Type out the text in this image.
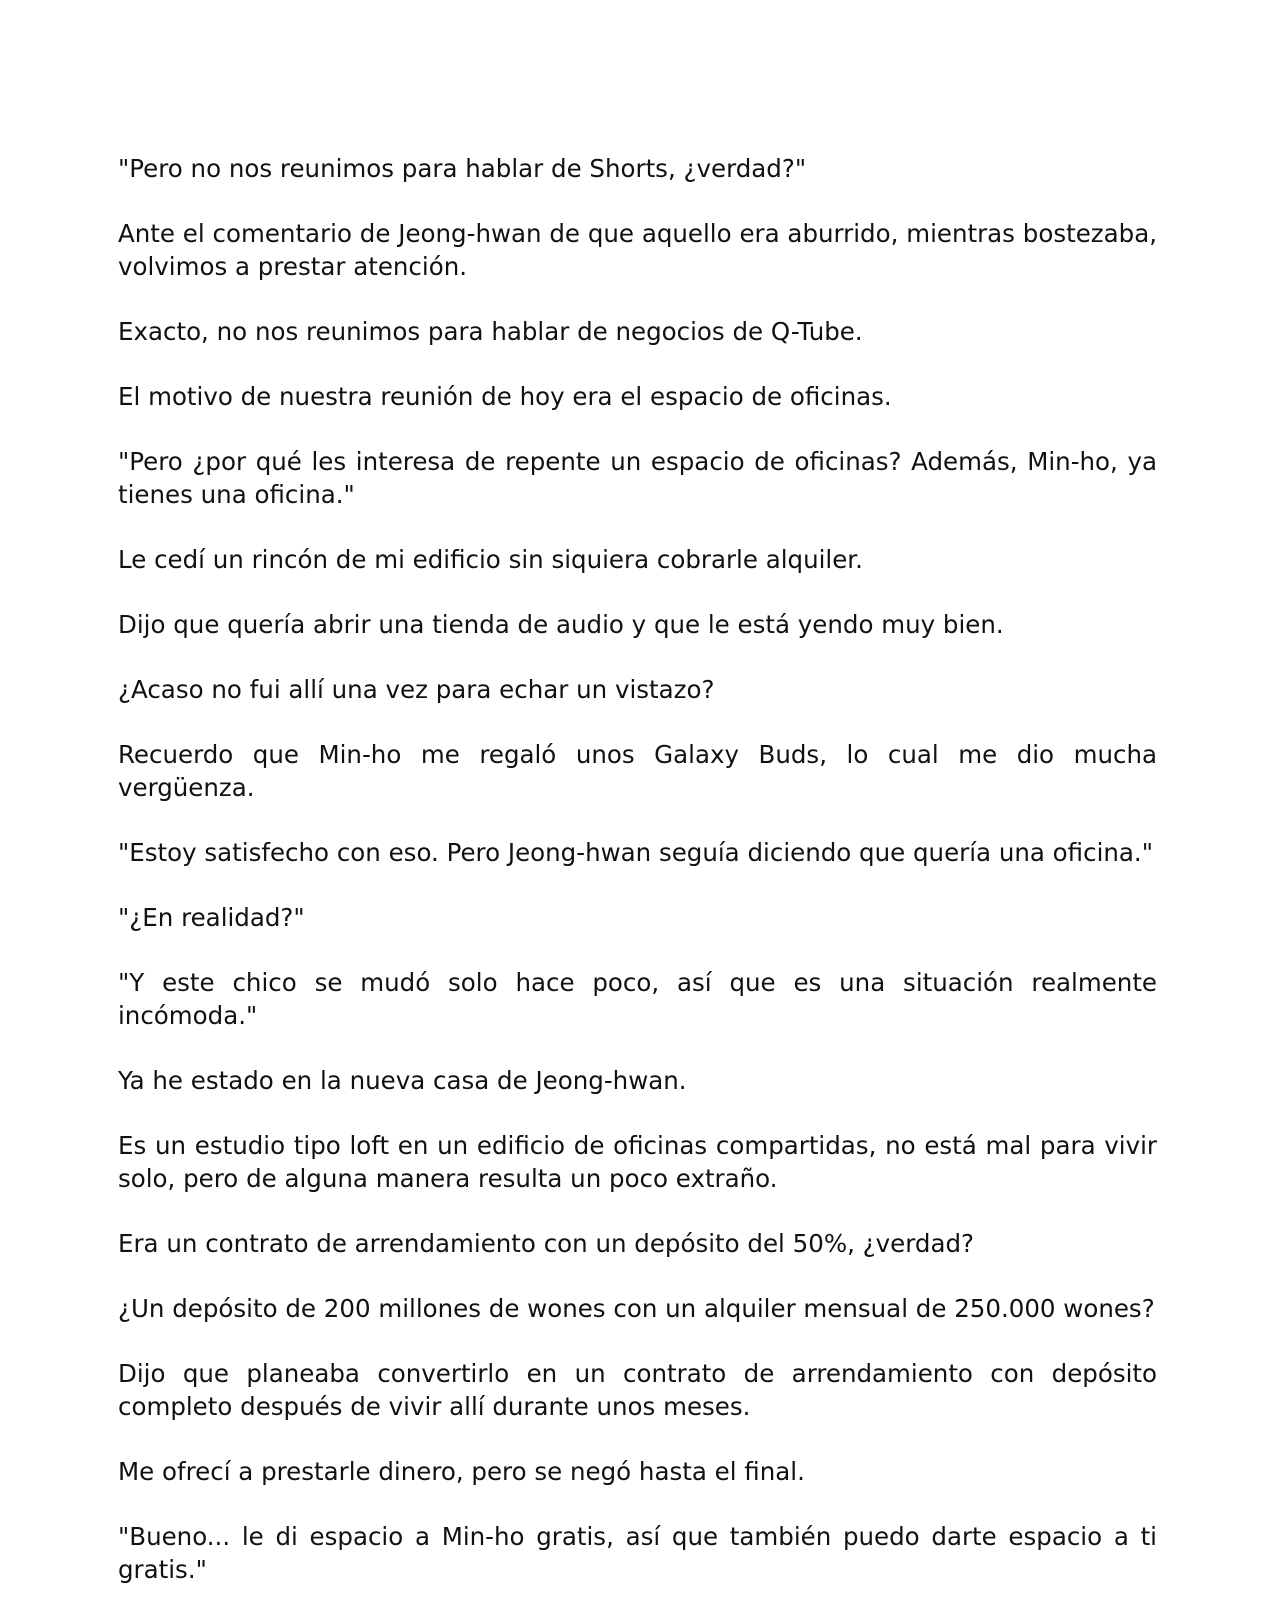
"Pero no nos reunimos para hablar de Shorts, ¿verdad?"

Ante el comentario de Jeong-hwan de que aquello era aburrido, mientras bostezaba, volvimos a prestar atención.

Exacto, no nos reunimos para hablar de negocios de Q-Tube.

El motivo de nuestra reunión de hoy era el espacio de oficinas.

"Pero ¿por qué les interesa de repente un espacio de oficinas? Además, Min-ho, ya tienes una oficina."

Le cedí un rincón de mi edificio sin siquiera cobrarle alquiler.

Dijo que quería abrir una tienda de audio y que le está yendo muy bien.

¿Acaso no fui allí una vez para echar un vistazo?

Recuerdo que Min-ho me regaló unos Galaxy Buds, lo cual me dio mucha vergüenza.

"Estoy satisfecho con eso. Pero Jeong-hwan seguía diciendo que quería una oficina."

"¿En realidad?"

"Y este chico se mudó solo hace poco, así que es una situación realmente incómoda."

Ya he estado en la nueva casa de Jeong-hwan.

Es un estudio tipo loft en un edificio de oficinas compartidas, no está mal para vivir solo, pero de alguna manera resulta un poco extraño.

Era un contrato de arrendamiento con un depósito del 50%, ¿verdad?

¿Un depósito de 200 millones de wones con un alquiler mensual de 250.000 wones?

Dijo que planeaba convertirlo en un contrato de arrendamiento con depósito completo después de vivir allí durante unos meses.

Me ofrecí a prestarle dinero, pero se negó hasta el final.

"Bueno... le di espacio a Min-ho gratis, así que también puedo darte espacio a ti gratis."
